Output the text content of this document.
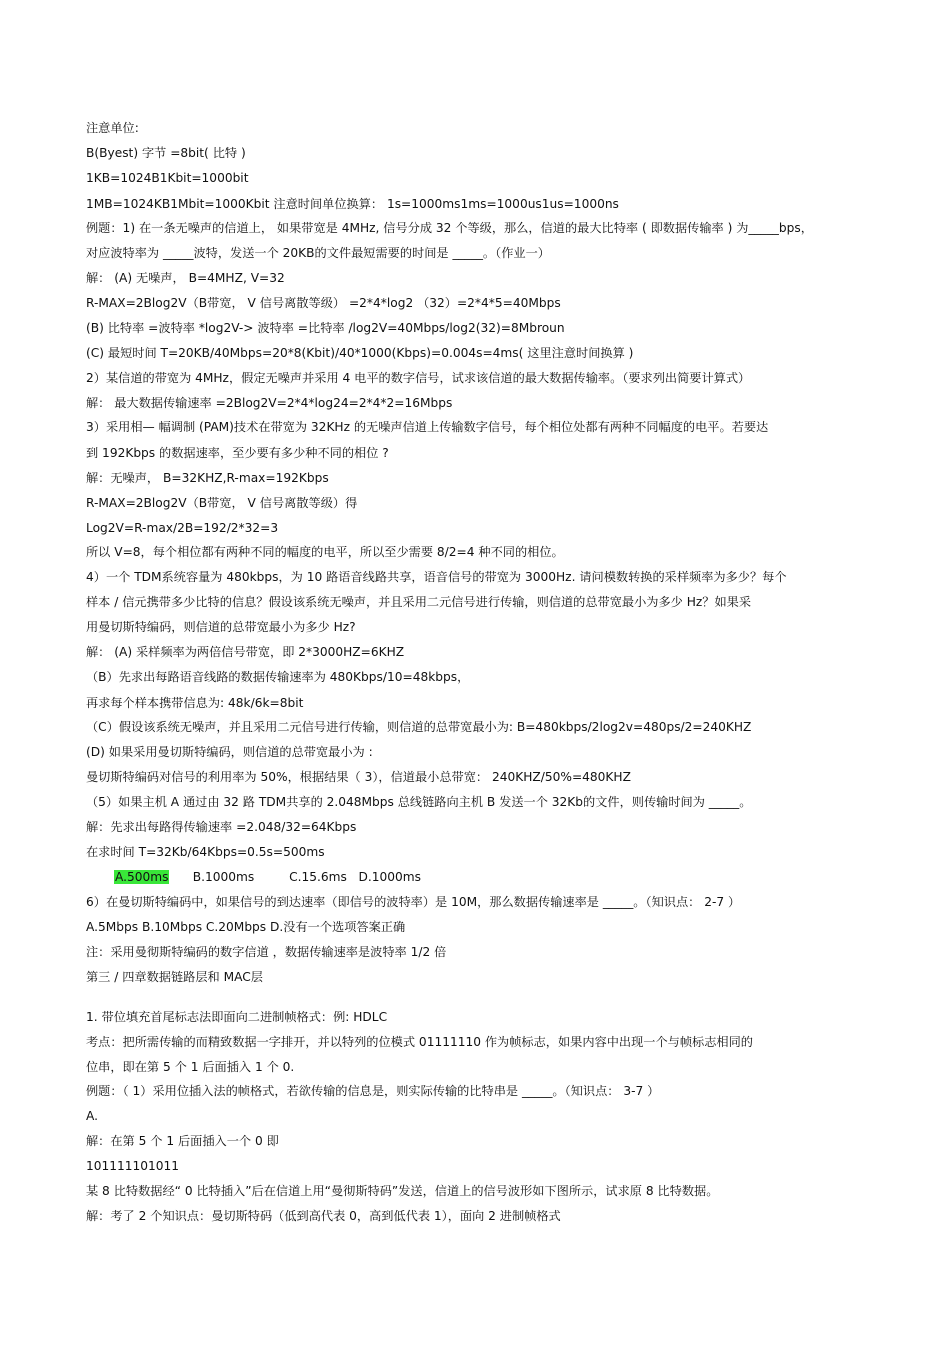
注意单位:
B(Byest) 字节 =8bit( 比特 )
1KB=1024B1Kbit=1000bit
1MB=1024KB1Mbit=1000Kbit 注意时间单位换算： 1s=1000ms1ms=1000us1us=1000ns
例题：1) 在一条无噪声的信道上， 如果带宽是 4MHz, 信号分成 32 个等级，那么，信道的最大比特率 ( 即数据传输率 ) 为_____bps，
对应波特率为 _____波特，发送一个 20KB的文件最短需要的时间是 _____。（作业一）
解： (A) 无噪声， B=4MHZ, V=32
R-MAX=2Blog2V（B带宽， V 信号离散等级） =2*4*log2 （32）=2*4*5=40Mbps
(B) 比特率 =波特率 *log2V-> 波特率 =比特率 /log2V=40Mbps/log2(32)=8Mbroun
(C) 最短时间 T=20KB/40Mbps=20*8(Kbit)/40*1000(Kbps)=0.004s=4ms( 这里注意时间换算 )
2）某信道的带宽为 4MHz，假定无噪声并采用 4 电平的数字信号，试求该信道的最大数据传输率。（要求列出简要计算式）
解： 最大数据传输速率 =2Blog2V=2*4*log24=2*4*2=16Mbps
3）采用相— 幅调制 (PAM)技术在带宽为 32KHz 的无噪声信道上传输数字信号，每个相位处都有两种不同幅度的电平。若要达
到 192Kbps 的数据速率，至少要有多少种不同的相位 ?
解：无噪声， B=32KHZ,R-max=192Kbps
R-MAX=2Blog2V（B带宽， V 信号离散等级）得
Log2V=R-max/2B=192/2*32=3
所以 V=8，每个相位都有两种不同的幅度的电平，所以至少需要 8/2=4 种不同的相位。
4）一个 TDM系统容量为 480kbps，为 10 路语音线路共享，语音信号的带宽为 3000Hz. 请问模数转换的采样频率为多少？每个
样本 / 信元携带多少比特的信息？假设该系统无噪声，并且采用二元信号进行传输，则信道的总带宽最小为多少 Hz？如果采
用曼切斯特编码，则信道的总带宽最小为多少 Hz?
解： (A) 采样频率为两倍信号带宽，即 2*3000HZ=6KHZ
（B）先求出每路语音线路的数据传输速率为 480Kbps/10=48kbps，
再求每个样本携带信息为: 48k/6k=8bit
（C）假设该系统无噪声，并且采用二元信号进行传输，则信道的总带宽最小为: B=480kbps/2log2v=480ps/2=240KHZ
(D) 如果采用曼切斯特编码，则信道的总带宽最小为 :
曼切斯特编码对信号的利用率为 50%，根据结果（ 3），信道最小总带宽： 240KHZ/50%=480KHZ
（5）如果主机 A 通过由 32 路 TDM共享的 2.048Mbps 总线链路向主机 B 发送一个 32Kb的文件，则传输时间为 _____。
解：先求出每路得传输速率 =2.048/32=64Kbps
在求时间 T=32Kb/64Kbps=0.5s=500ms
A.500ms B.1000ms	C.15.6ms D.1000ms
6）在曼切斯特编码中，如果信号的到达速率（即信号的波特率）是 10M，那么数据传输速率是 _____。（知识点： 2-7 ）
A.5Mbps B.10Mbps C.20Mbps D.没有一个选项答案正确
注：采用曼彻斯特编码的数字信道 ，数据传输速率是波特率 1/2 倍
第三 / 四章数据链路层和 MAC层
1. 带位填充首尾标志法即面向二进制帧格式：例: HDLC
考点：把所需传输的而精致数据一字排开，并以特列的位模式 01111110 作为帧标志，如果内容中出现一个与帧标志相同的
位串，即在第 5 个 1 后面插入 1 个 0.
例题：（ 1）采用位插入法的帧格式，若欲传输的信息是，则实际传输的比特串是 _____。（知识点： 3-7 ）
A.
解：在第 5 个 1 后面插入一个 0 即
101111101011
某 8 比特数据经“ 0 比特插入”后在信道上用“曼彻斯特码”发送，信道上的信号波形如下图所示，试求原 8 比特数据。
解：考了 2 个知识点：曼切斯特码（低到高代表 0，高到低代表 1），面向 2 进制帧格式
